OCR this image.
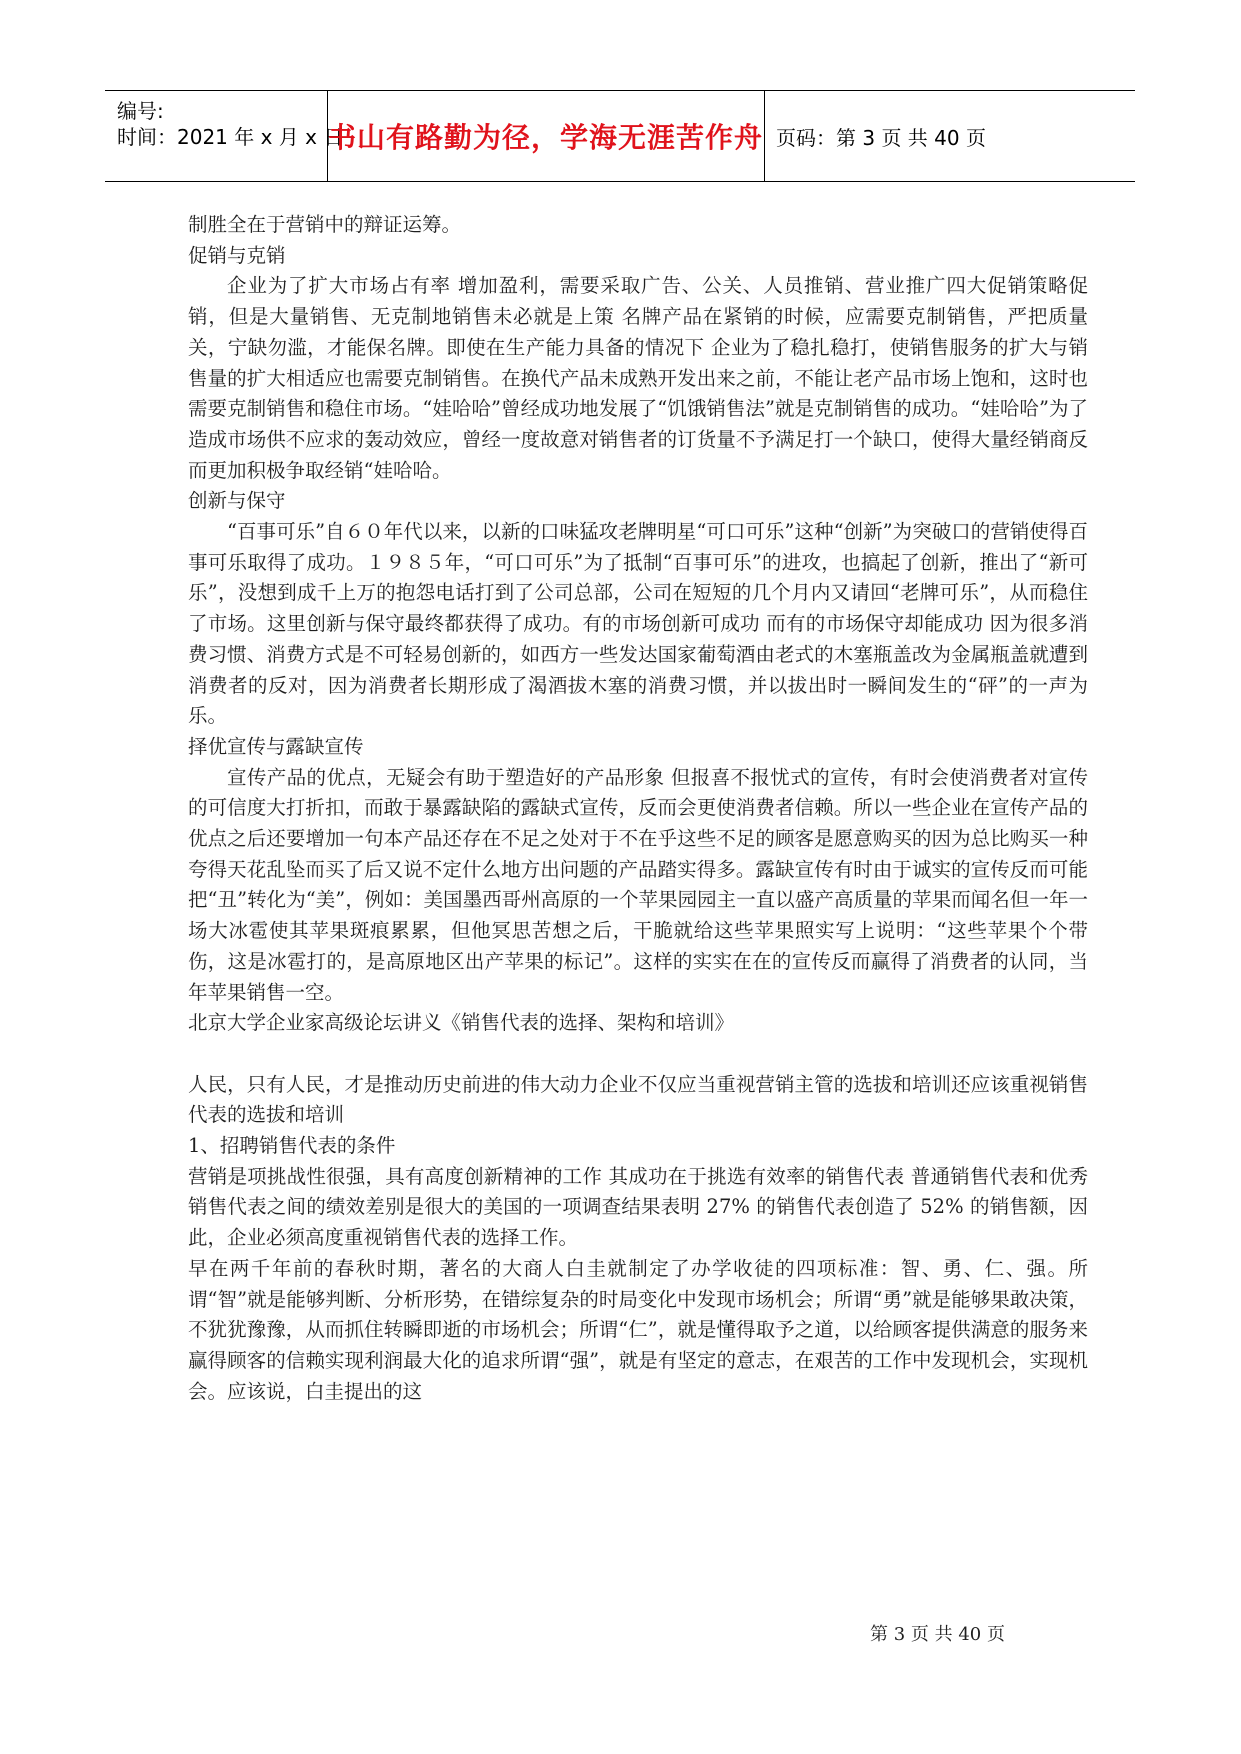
编号:
时间：2021 年 x 月 x 日
书山有路勤为径，学海无涯苦作舟 页码：第 3 页 共 40 页

制胜全在于营销中的辩证运筹。

促销与克销

企业为了扩大市场占有率 增加盈利，需要采取广告、公关、人员推销、营业推广四大促销策略促销，但是大量销售、无克制地销售未必就是上策 名牌产品在紧销的时候，应需要克制销售，严把质量关，宁缺勿滥，才能保名牌。即使在生产能力具备的情况下 企业为了稳扎稳打，使销售服务的扩大与销售量的扩大相适应也需要克制销售。在换代产品未成熟开发出来之前，不能让老产品市场上饱和，这时也需要克制销售和稳住市场。“娃哈哈”曾经成功地发展了“饥饿销售法”就是克制销售的成功。“娃哈哈”为了造成市场供不应求的轰动效应，曾经一度故意对销售者的订货量不予满足打一个缺口，使得大量经销商反而更加积极争取经销“娃哈哈。

创新与保守

“百事可乐”自６０年代以来，以新的口味猛攻老牌明星“可口可乐”这种“创新”为突破口的营销使得百事可乐取得了成功。１９８５年，“可口可乐”为了抵制“百事可乐”的进攻，也搞起了创新，推出了“新可乐”，没想到成千上万的抱怨电话打到了公司总部，公司在短短的几个月内又请回“老牌可乐”，从而稳住了市场。这里创新与保守最终都获得了成功。有的市场创新可成功 而有的市场保守却能成功 因为很多消费习惯、消费方式是不可轻易创新的，如西方一些发达国家葡萄酒由老式的木塞瓶盖改为金属瓶盖就遭到消费者的反对，因为消费者长期形成了渴酒拔木塞的消费习惯，并以拔出时一瞬间发生的“砰”的一声为乐。

择优宣传与露缺宣传

宣传产品的优点，无疑会有助于塑造好的产品形象 但报喜不报忧式的宣传，有时会使消费者对宣传的可信度大打折扣，而敢于暴露缺陷的露缺式宣传，反而会更使消费者信赖。所以一些企业在宣传产品的优点之后还要增加一句本产品还存在不足之处对于不在乎这些不足的顾客是愿意购买的因为总比购买一种夸得天花乱坠而买了后又说不定什么地方出问题的产品踏实得多。露缺宣传有时由于诚实的宣传反而可能把“丑”转化为“美”，例如：美国墨西哥州高原的一个苹果园园主一直以盛产高质量的苹果而闻名但一年一场大冰雹使其苹果斑痕累累，但他冥思苦想之后，干脆就给这些苹果照实写上说明：“这些苹果个个带伤，这是冰雹打的，是高原地区出产苹果的标记”。这样的实实在在的宣传反而赢得了消费者的认同，当年苹果销售一空。

北京大学企业家高级论坛讲义《销售代表的选择、架构和培训》

人民，只有人民，才是推动历史前进的伟大动力企业不仅应当重视营销主管的选拔和培训还应该重视销售代表的选拔和培训

1、招聘销售代表的条件

营销是项挑战性很强，具有高度创新精神的工作 其成功在于挑选有效率的销售代表 普通销售代表和优秀销售代表之间的绩效差别是很大的美国的一项调查结果表明 27% 的销售代表创造了 52% 的销售额，因此，企业必须高度重视销售代表的选择工作。

早在两千年前的春秋时期，著名的大商人白圭就制定了办学收徒的四项标准：智、勇、仁、强。所谓“智”就是能够判断、分析形势，在错综复杂的时局变化中发现市场机会；所谓“勇”就是能够果敢决策，不犹犹豫豫，从而抓住转瞬即逝的市场机会；所谓“仁”，就是懂得取予之道，以给顾客提供满意的服务来赢得顾客的信赖实现利润最大化的追求所谓“强”，就是有坚定的意志，在艰苦的工作中发现机会，实现机会。应该说，白圭提出的这

第 3 页 共 40 页
